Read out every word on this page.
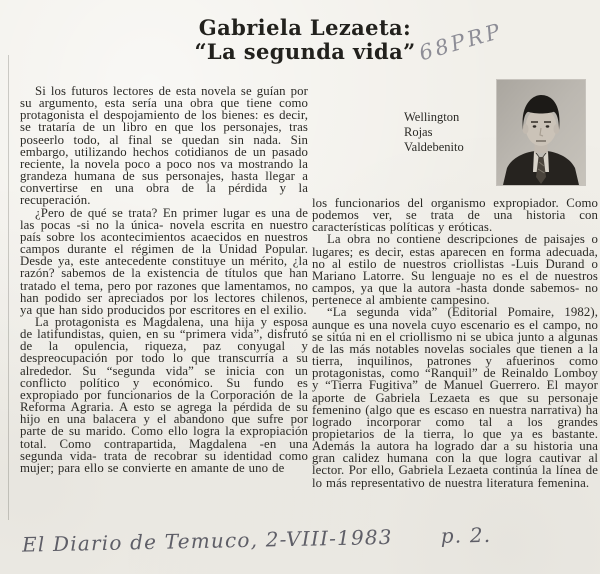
Gabriela Lezaeta:
“La segunda vida” 68PRP
Wellington
Rojas
Valdebenito

Si los futuros lectores de esta novela se guían por su argumento, esta sería una obra que tiene como protagonista el despojamiento de los bienes: es decir, se trataría de un libro en que los personajes, tras poseerlo todo, al final se quedan sin nada. Sin embargo, utilizando hechos cotidianos de un pasado reciente, la novela poco a poco nos va mostrando la grandeza humana de sus personajes, hasta llegar a convertirse en una obra de la pérdida y la recuperación.

¿Pero de qué se trata? En primer lugar es una de las pocas -si no la única- novela escrita en nuestro país sobre los acontecimientos acaecidos en nuestros campos durante el régimen de la Unidad Popular. Desde ya, este antecedente constituye un mérito, ¿la razón? sabemos de la existencia de títulos que han tratado el tema, pero por razones que lamentamos, no han podido ser apreciados por los lectores chilenos, ya que han sido producidos por escritores en el exilio.

La protagonista es Magdalena, una hija y esposa de latifundistas, quien, en su “primera vida”, disfrutó de la opulencia, riqueza, paz conyugal y despreocupación por todo lo que transcurría a su alrededor. Su “segunda vida” se inicia con un conflicto político y económico. Su fundo es expropiado por funcionarios de la Corporación de la Reforma Agraria. A esto se agrega la pérdida de su hijo en una balacera y el abandono que sufre por parte de su marido. Como ello logra la expropiación total. Como contrapartida, Magdalena -en una segunda vida- trata de recobrar su identidad como mujer; para ello se convierte en amante de uno de

los funcionarios del organismo expropiador. Como podemos ver, se trata de una historia con características políticas y eróticas.

La obra no contiene descripciones de paisajes o lugares; es decir, estas aparecen en forma adecuada, no al estilo de nuestros criollistas -Luis Durand o Mariano Latorre. Su lenguaje no es el de nuestros campos, ya que la autora -hasta donde sabemos- no pertenece al ambiente campesino.

“La segunda vida” (Editorial Pomaire, 1982), aunque es una novela cuyo escenario es el campo, no se sitúa ni en el criollismo ni se ubica junto a algunas de las más notables novelas sociales que tienen a la tierra, inquilinos, patrones y afuerinos como protagonistas, como “Ranquil” de Reinaldo Lomboy y “Tierra Fugitiva” de Manuel Guerrero. El mayor aporte de Gabriela Lezaeta es que su personaje femenino (algo que es escaso en nuestra narrativa) ha logrado incorporar como tal a los grandes propietarios de la tierra, lo que ya es bastante. Además la autora ha logrado dar a su historia una gran calidez humana con la que logra cautivar al lector. Por ello, Gabriela Lezaeta continúa la línea de lo más representativo de nuestra literatura femenina.

El Diario de Temuco, 2-VIII-1983 p. 2.
